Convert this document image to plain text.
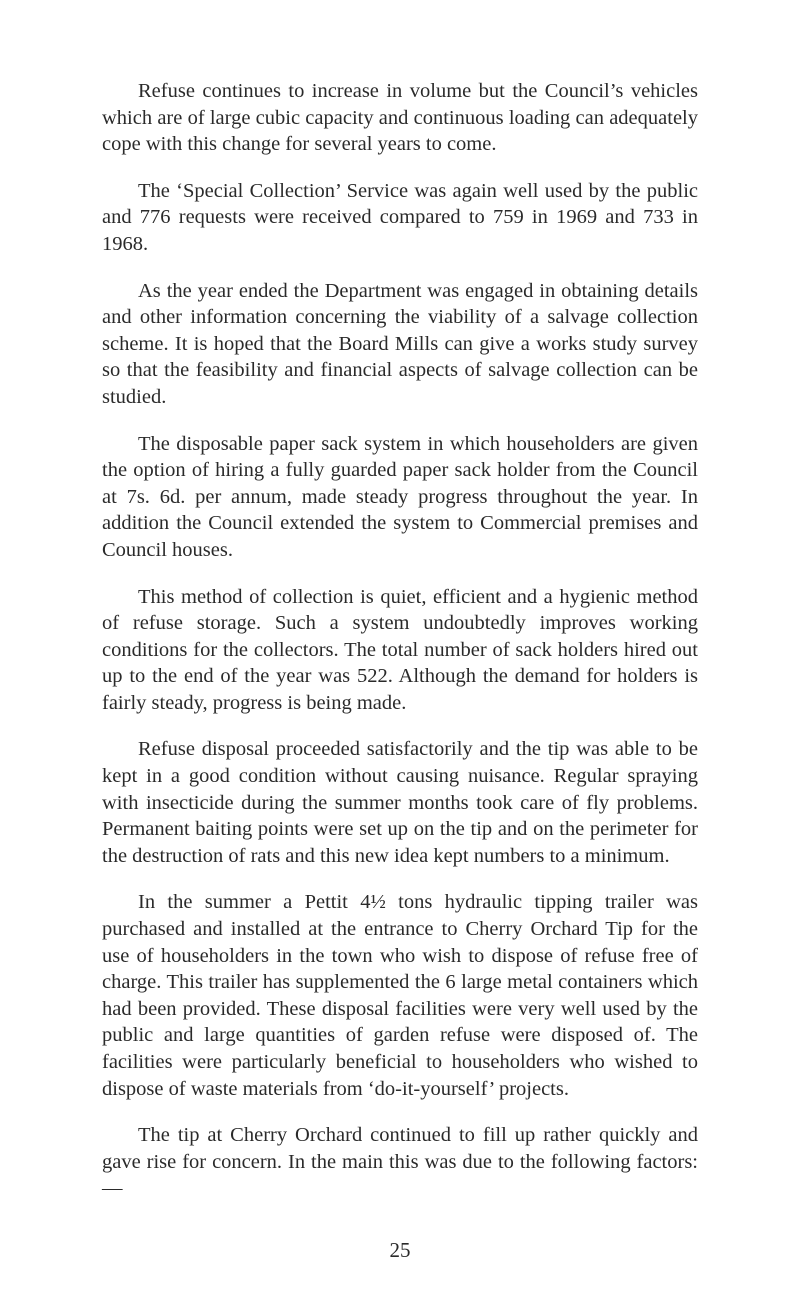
Refuse continues to increase in volume but the Council’s vehicles which are of large cubic capacity and continuous loading can adequately cope with this change for several years to come.

The ‘Special Collection’ Service was again well used by the public and 776 requests were received compared to 759 in 1969 and 733 in 1968.

As the year ended the Department was engaged in obtaining details and other information concerning the viability of a salvage collection scheme. It is hoped that the Board Mills can give a works study survey so that the feasibility and financial aspects of salvage collection can be studied.

The disposable paper sack system in which householders are given the option of hiring a fully guarded paper sack holder from the Council at 7s. 6d. per annum, made steady progress throughout the year. In addition the Council extended the system to Commercial premises and Council houses.

This method of collection is quiet, efficient and a hygienic method of refuse storage. Such a system undoubtedly improves working conditions for the collectors. The total number of sack holders hired out up to the end of the year was 522. Although the demand for holders is fairly steady, progress is being made.

Refuse disposal proceeded satisfactorily and the tip was able to be kept in a good condition without causing nuisance. Regular spraying with insecticide during the summer months took care of fly problems. Permanent baiting points were set up on the tip and on the perimeter for the destruction of rats and this new idea kept numbers to a minimum.

In the summer a Pettit 4½ tons hydraulic tipping trailer was purchased and installed at the entrance to Cherry Orchard Tip for the use of householders in the town who wish to dispose of refuse free of charge. This trailer has supplemented the 6 large metal containers which had been provided. These disposal facilities were very well used by the public and large quantities of garden refuse were disposed of. The facilities were particularly beneficial to householders who wished to dispose of waste materials from ‘do-it-yourself’ projects.

The tip at Cherry Orchard continued to fill up rather quickly and gave rise for concern. In the main this was due to the following factors:—

25
